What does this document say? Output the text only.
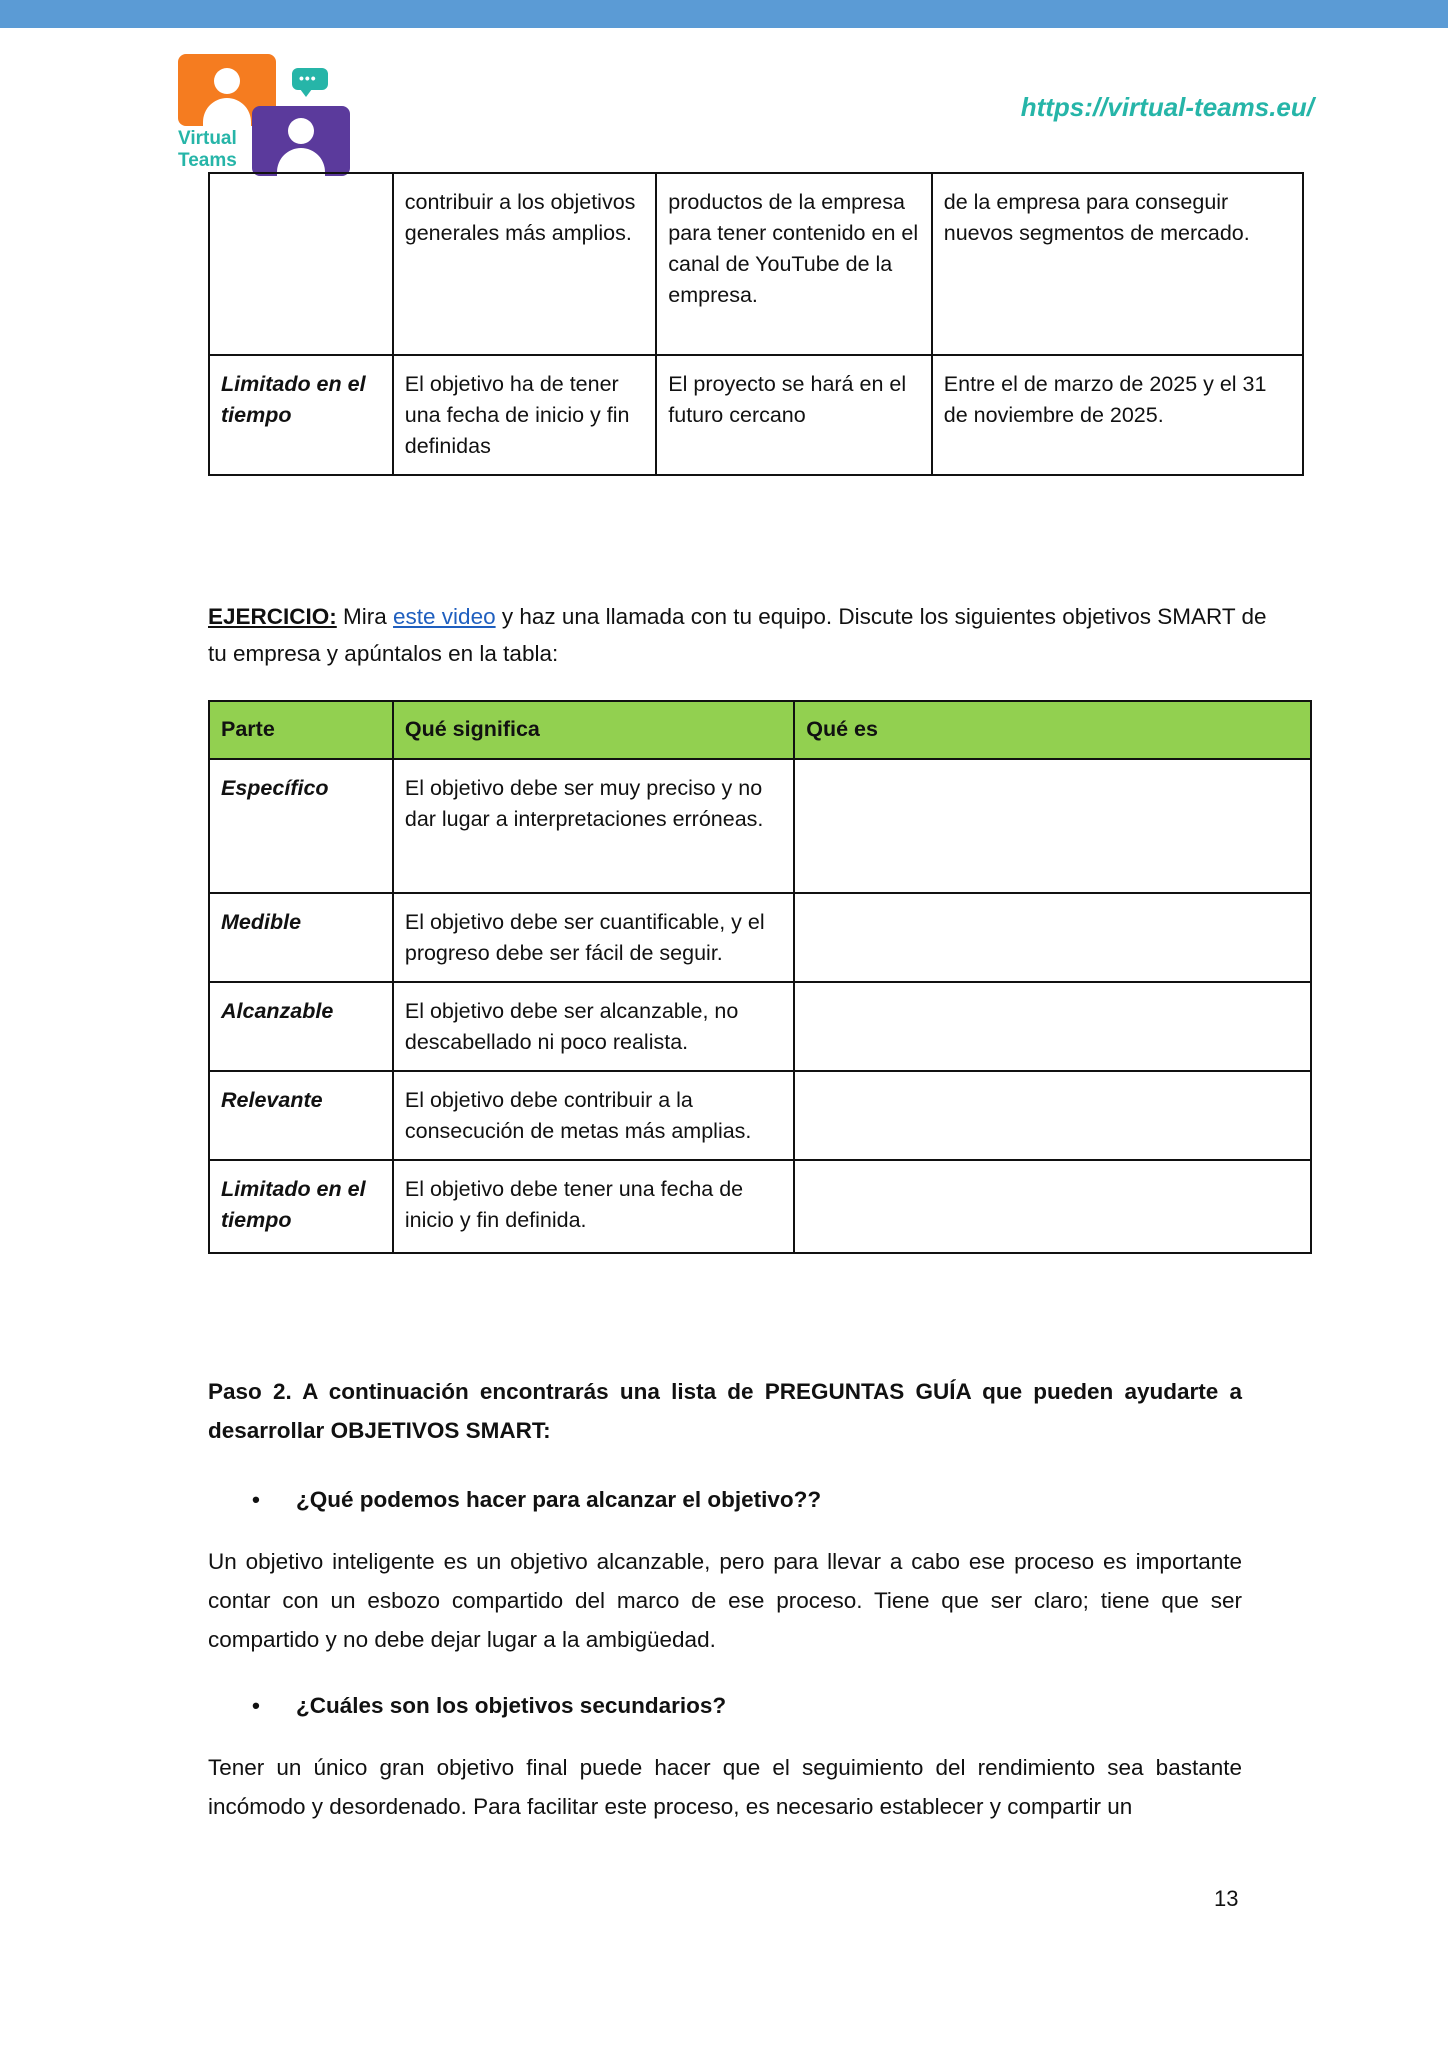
•••
Virtual
Teams
https://virtual-teams.eu/
	contribuir a los objetivos generales más amplios.	productos de la empresa para tener contenido en el canal de YouTube de la empresa.	de la empresa para conseguir nuevos segmentos de mercado.
Limitado en el tiempo	El objetivo ha de tener una fecha de inicio y fin definidas	El proyecto se hará en el futuro cercano	Entre el de marzo de 2025 y el 31 de noviembre de 2025.
EJERCICIO: Mira este video y haz una llamada con tu equipo. Discute los siguientes objetivos SMART de tu empresa y apúntalos en la tabla:
Parte	Qué significa	Qué es
Específico	El objetivo debe ser muy preciso y no dar lugar a interpretaciones erróneas.	
Medible	El objetivo debe ser cuantificable, y el progreso debe ser fácil de seguir.	
Alcanzable	El objetivo debe ser alcanzable, no descabellado ni poco realista.	
Relevante	El objetivo debe contribuir a la consecución de metas más amplias.	
Limitado en el tiempo	El objetivo debe tener una fecha de inicio y fin definida.	
Paso 2. A continuación encontrarás una lista de PREGUNTAS GUÍA que pueden ayudarte a desarrollar OBJETIVOS SMART:
• ¿Qué podemos hacer para alcanzar el objetivo??
Un objetivo inteligente es un objetivo alcanzable, pero para llevar a cabo ese proceso es importante contar con un esbozo compartido del marco de ese proceso. Tiene que ser claro; tiene que ser compartido y no debe dejar lugar a la ambigüedad.
• ¿Cuáles son los objetivos secundarios?
Tener un único gran objetivo final puede hacer que el seguimiento del rendimiento sea bastante incómodo y desordenado. Para facilitar este proceso, es necesario establecer y compartir un
13
